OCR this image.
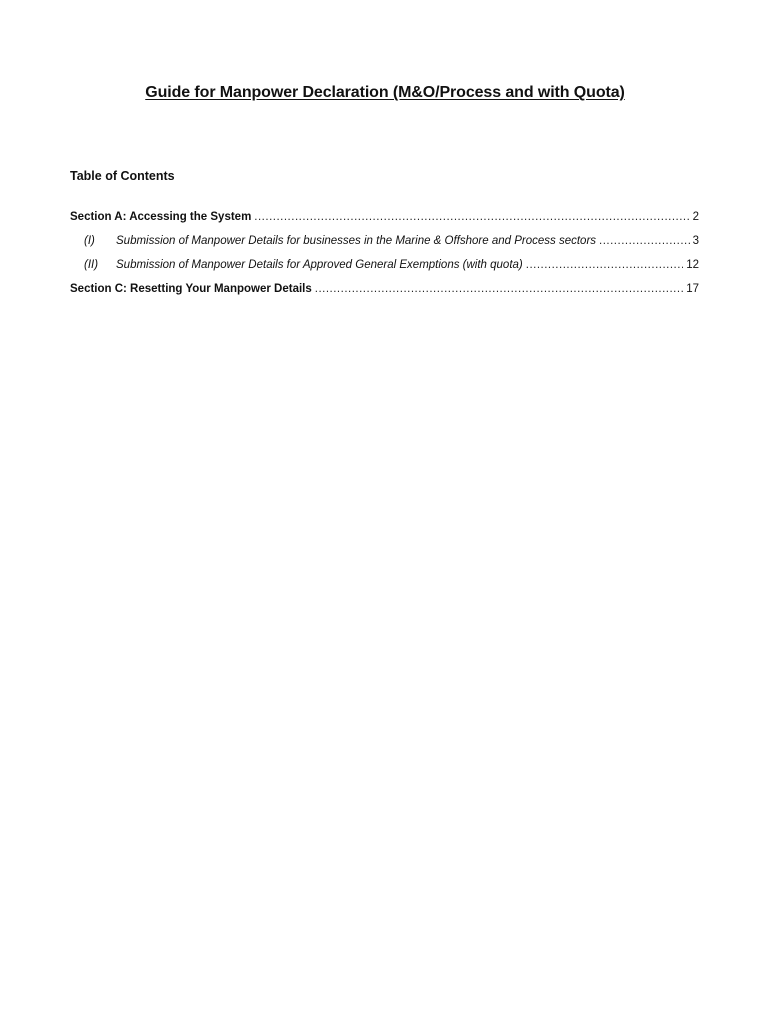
Guide for Manpower Declaration (M&O/Process and with Quota)
Table of Contents
Section A: Accessing the System .....	2
(I)	Submission of Manpower Details for businesses in the Marine & Offshore and Process sectors .....	3
(II)	Submission of Manpower Details for Approved General Exemptions (with quota) .....	12
Section C: Resetting Your Manpower Details .....	17
